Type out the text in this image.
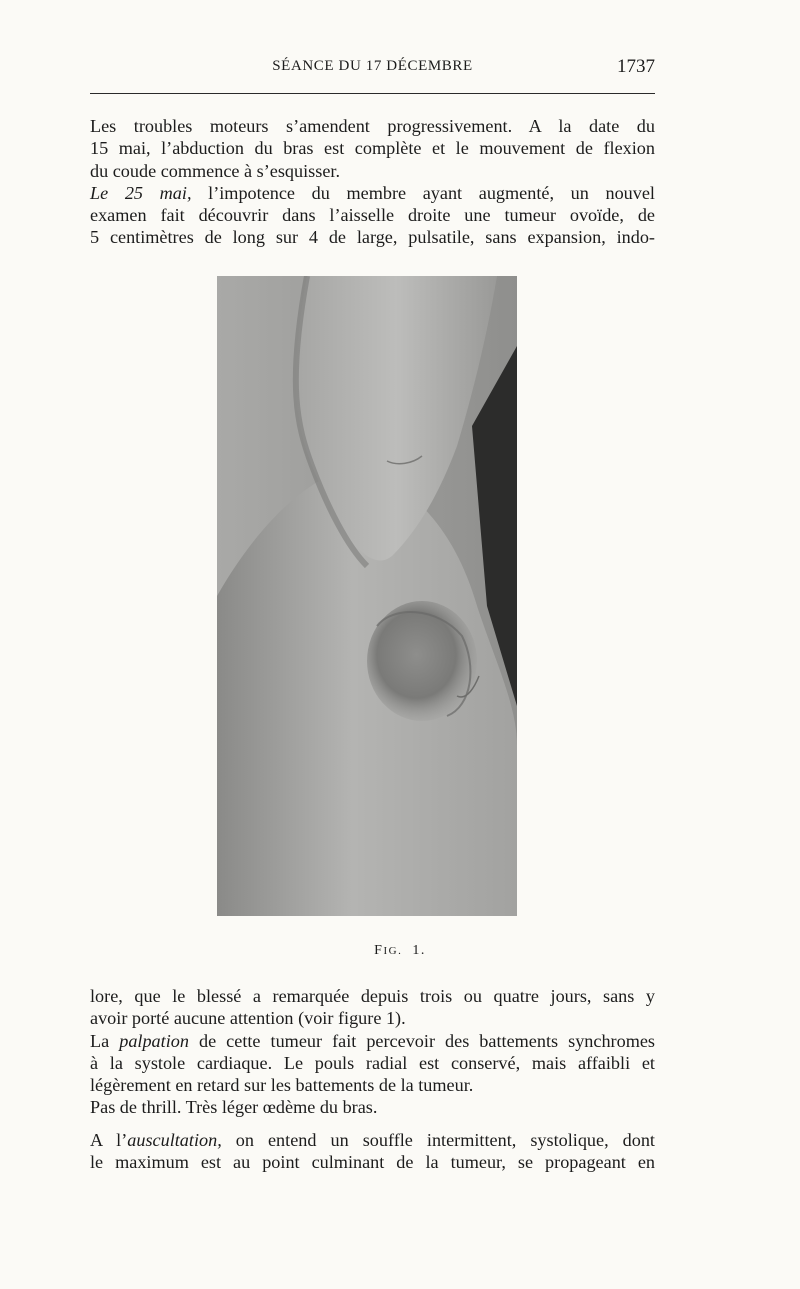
SÉANCE DU 17 DÉCEMBRE	1737
Les troubles moteurs s’amendent progressivement. A la date du
15 mai, l’abduction du bras est complète et le mouvement de flexion
du coude commence à s’esquisser.
Le 25 mai, l’impotence du membre ayant augmenté, un nouvel
examen fait découvrir dans l’aisselle droite une tumeur ovoïde, de
5 centimètres de long sur 4 de large, pulsatile, sans expansion, indo-
FIG. 1.
lore, que le blessé a remarquée depuis trois ou quatre jours, sans y
avoir porté aucune attention (voir figure 1).
La palpation de cette tumeur fait percevoir des battements synchromes
à la systole cardiaque. Le pouls radial est conservé, mais affaibli et
légèrement en retard sur les battements de la tumeur.
Pas de thrill. Très léger œdème du bras.
A l’auscultation, on entend un souffle intermittent, systolique, dont
le maximum est au point culminant de la tumeur, se propageant en
